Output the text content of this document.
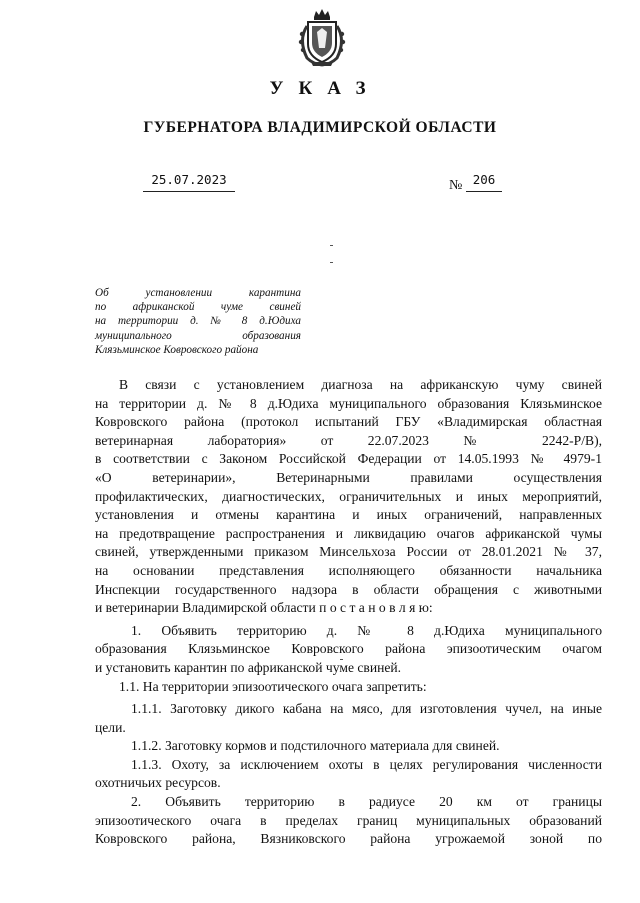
УКАЗ
ГУБЕРНАТОРА ВЛАДИМИРСКОЙ ОБЛАСТИ
25.07.2023	№ 206
Об установлении карантина
по африканской чуме свиней
на территории д. № 8 д.Юдиха
муниципального образования
Клязьминское Ковровского района
В связи с установлением диагноза на африканскую чуму свиней
на территории д. № 8 д.Юдиха муниципального образования Клязьминское
Ковровского района (протокол испытаний ГБУ «Владимирская областная
ветеринарная лаборатория» от 22.07.2023 № 2242-Р/В),
в соответствии с Законом Российской Федерации от 14.05.1993 № 4979-1
«О ветеринарии», Ветеринарными правилами осуществления
профилактических, диагностических, ограничительных и иных мероприятий,
установления и отмены карантина и иных ограничений, направленных
на предотвращение распространения и ликвидацию очагов африканской чумы
свиней, утвержденными приказом Минсельхоза России от 28.01.2021 № 37,
на основании представления исполняющего обязанности начальника
Инспекции государственного надзора в области обращения с животными
и ветеринарии Владимирской области п о с т а н о в л я ю:
1. Объявить территорию д. № 8 д.Юдиха муниципального
образования Клязьминское Ковровского района эпизоотическим очагом
и установить карантин по африканской чуме свиней.
1.1. На территории эпизоотического очага запретить:
1.1.1. Заготовку дикого кабана на мясо, для изготовления чучел, на иные
цели.
1.1.2. Заготовку кормов и подстилочного материала для свиней.
1.1.3. Охоту, за исключением охоты в целях регулирования численности
охотничьих ресурсов.
2. Объявить территорию в радиусе 20 км от границы
эпизоотического очага в пределах границ муниципальных образований
Ковровского района, Вязниковского района угрожаемой зоной по
